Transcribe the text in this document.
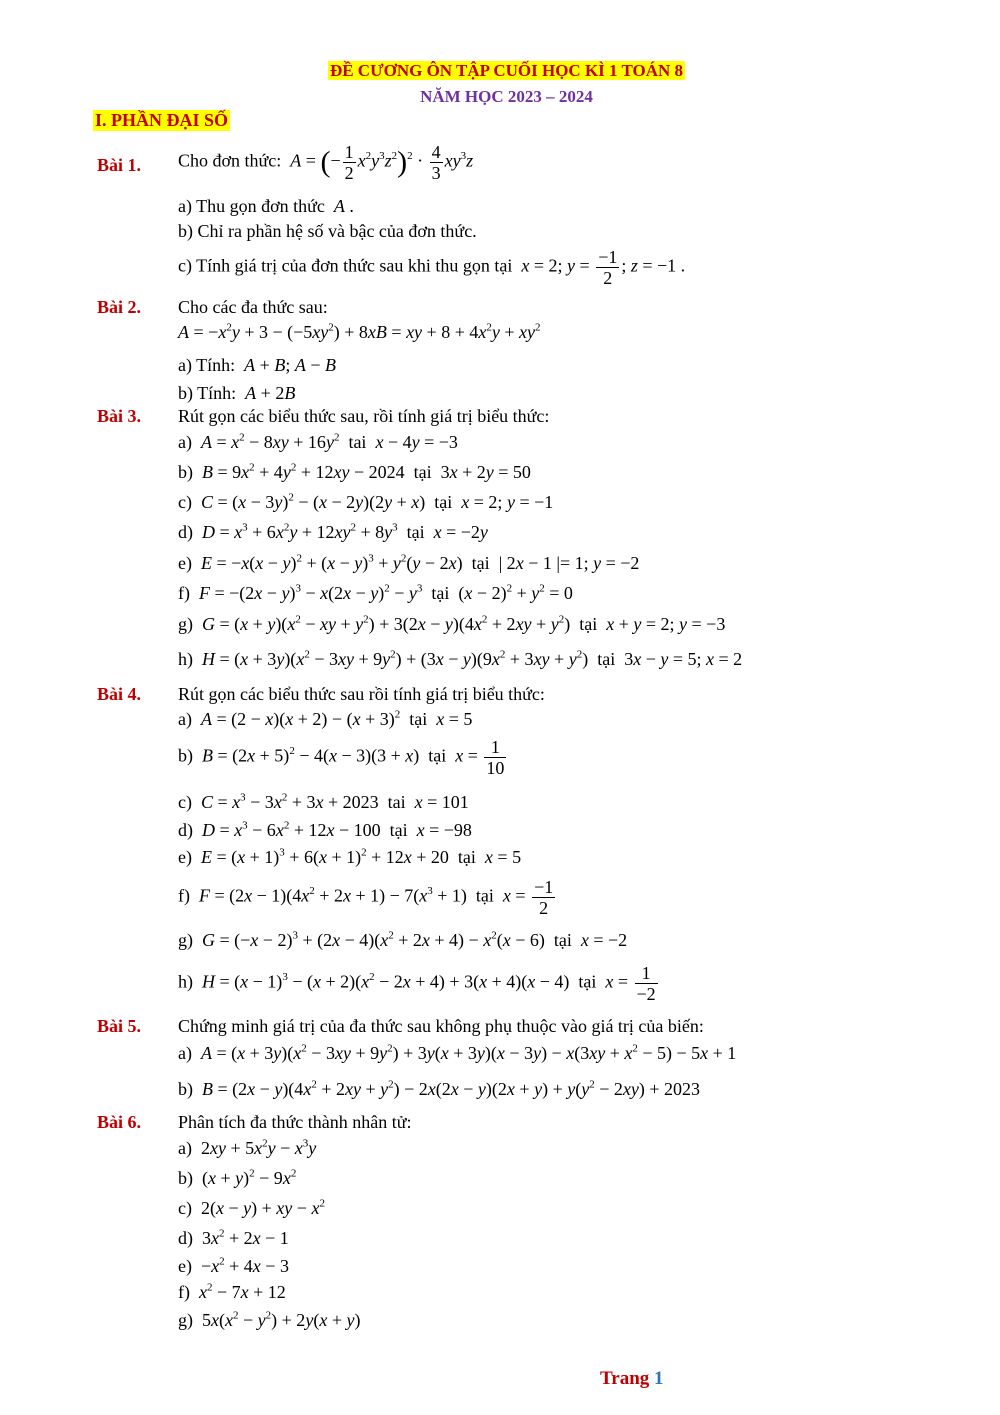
ĐỀ CƯƠNG ÔN TẬP CUỐI HỌC KÌ 1 TOÁN 8
NĂM HỌC 2023 – 2024
I. PHẦN ĐẠI SỐ
Bài 1. Cho đơn thức: A = (− $\frac{1}{2} x^2y^3z^2)^2 \cdot \frac{4}{3} xy^3z$
a) Thu gọn đơn thức A .
b) Chỉ ra phần hệ số và bậc của đơn thức.
c) Tính giá trị của đơn thức sau khi thu gọn tại x = 2; $y = \frac{-1}{2}$ ; z = −1 .
Bài 2. Cho các đa thức sau:
$A = -x^2y + 3 - (-5xy^2) + 8xB$ = xy + $8 + 4x^2y + xy^2$
a) Tính: A + B; A − B
b) Tính: A + 2B
Bài 3. Rút gọn các biểu thức sau, rồi tính giá trị biểu thức:
a)  $A = x^2 - 8xy + 16y^2$ tai x − 4y = −3
b)  $B = 9x^2 + 4y^2 + 12xy - 2024$  tại  3x + 2y = 50
c)  $C = (x - 3y)^2 - (x - 2y)(2y + x)$  tại x = 2; y = −1
d)  $D = x^3 + 6x^2y + 12xy^2 + 8y^3$ tại x = −2y
e)  $E = -x(x - y)^2 + (x - y)^3 + y^2(y - 2x)$  tại  | 2x − 1 |= 1; y = −2
f)  $F = -(2x - y)^3 - x(2x - y)^2 - y^3$ tại  $(x - 2)^2 + y^2 = 0$
g)  $G = (x + y)(x^2$ − xy + $y^2) + 3(2x - y)(4x^2 + 2xy + y^2)$  tại x + y = 2; y = −3
h)  $H = (x + 3y)(x^2 - 3xy + 9y^2) + (3x - y)(9x^2 + 3xy + y^2)$  tại  3x − y = 5; x = 2
Bài 4. Rút gọn các biểu thức sau rồi tính giá trị biểu thức:
a)  $A = (2 - x)(x + 2) - (x + 3)^2$ tại x = 5
b)  $B = (2x + 5)^2 - 4(x - 3)(3 + x)$  tại $x = \frac{1}{10}$
c)  $C = x^3 - 3x^2 + 3x + 2023$  tai x = 101
d)  $D = x^3 - 6x^2 + 12x - 100$  tại x = −98
e)  $E = (x + 1)^3 + 6(x + 1)^2 + 12x + 20$  tại x = 5
f)  $F = (2x - 1)(4x^2 + 2x + 1) - 7(x^3 + 1)$  tại $x = \frac{-1}{2}$
g)  $G = (-x - 2)^3 + (2x - 4)(x^2 + 2x + 4) - x^2(x - 6)$  tại x = −2
h)  $H = (x - 1)^3 - (x + 2)(x^2 - 2x + 4) + 3(x + 4)(x - 4)$  tại $x = \frac{1}{-2}$
Bài 5. Chứng minh giá trị của đa thức sau không phụ thuộc vào giá trị của biến:
a)  $A = (x + 3y)(x^2 - 3xy + 9y^2) + 3y(x + 3y)(x - 3y) - x(3xy + x^2 - 5) - 5x + 1$
b)  $B = (2x - y)(4x^2 + 2xy + y^2) - 2x(2x - y)(2x + y) + y(y^2 - 2xy) + 2023$
Bài 6. Phân tích đa thức thành nhân tử:
a)  $2xy + 5x^2y - x^3y$
b)  $(x + y)^2 - 9x^2$
c)  2(x − y) + xy − $x^2$
d)  $3x^2 + 2x - 1$
$e) -x^2 + 4x - 3$
f)  $x^2 - 7x + 12$
g)  $5x(x^2 - y^2) + 2y(x + y)$
Trang 1
